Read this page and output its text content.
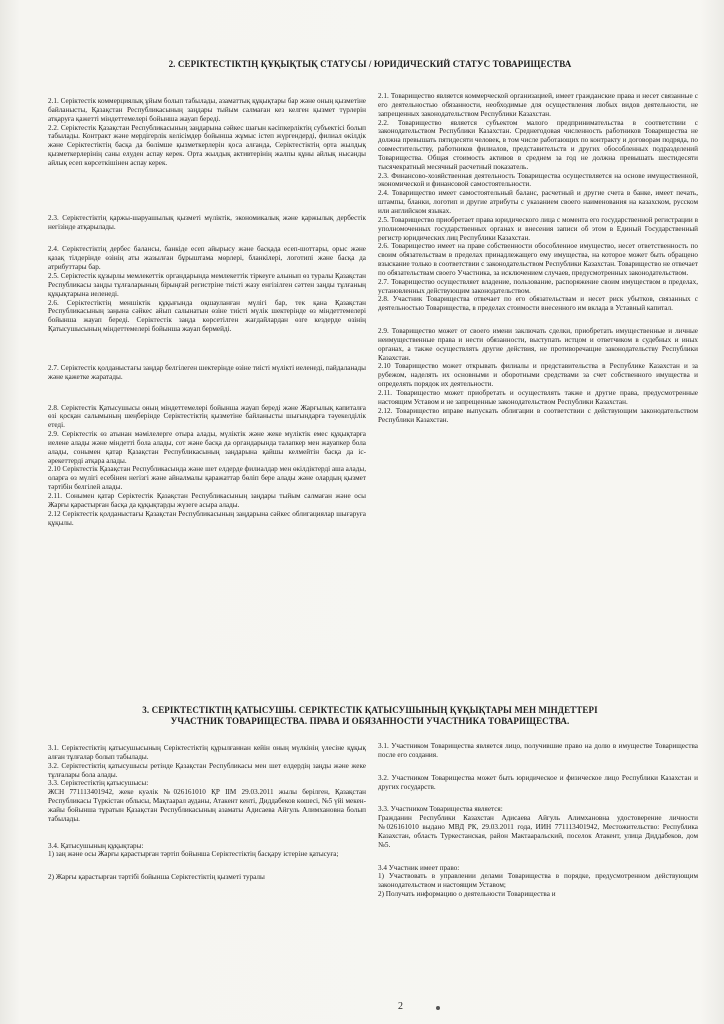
2. СЕРІКТЕСТІКТІҢ ҚҰҚЫҚТЫҚ СТАТУСЫ / ЮРИДИЧЕСКИЙ СТАТУС ТОВАРИЩЕСТВА

2.1. Серіктестік коммерциялық ұйым болып табылады, азаматтық құқықтары бар және оның қызметіне байланысты, Қазақстан Республикасының заңдары тыйым салмаған кез келген қызмет түрлерін атқаруға қажетті міндеттемелері бойынша жауап береді.

2.2. Серіктестік Қазақстан Республикасының заңдарына сәйкес шағын кәсіпкерліктің субъектісі болып табылады. Контракт және мердігерлік келісімдер бойынша жұмыс істеп жүргендерді, филиал өкілдік және Серіктестіктің басқа да бөлімше қызметкерлерін қоса алғанда, Серіктестіктің орта жылдық қызметкерлерінің саны елуден аспау керек. Орта жылдық активтерінің жалпы құны айлық нысанды айлық есеп көрсеткішінен аспау керек.

2.3. Серіктестіктің қаржы-шаруашылық қызметі мүліктік, экономикалық және қаржылық дербестік негізінде атқарылады.

2.4. Серіктестіктің дербес балансы, банкіде есеп айырысу және басқада есеп-шоттары, орыс және қазақ тілдерінде өзінің аты жазылған бұрыштама мөрлері, бланкілері, логотипі және басқа да атрибуттары бар.

2.5. Серіктестік құзырлы мемлекеттік органдарында мемлекеттік тіркеуге алынып өз туралы Қазақстан Республикасы заңды тұлғаларының бірыңғай регистріне тиісті жазу енгізілген сәттен заңды тұлғаның құқықтарына иеленеді.

2.6. Серіктестіктің меншіктік құқығында оқшауланған мүлігі бар, тек қана Қазақстан Республикасының заңына сәйкес айып салынатын өзіне тиісті мүлік шектерінде өз міндеттемелері бойынша жауап береді. Серіктестік заңда көрсетілген жағдайлардан өзге кездерде өзінің Қатысушысының міндеттемелері бойынша жауап бермейді.

2.7. Серіктестік қолданыстағы заңдар белгілеген шектерінде өзіне тиісті мүлікті иеленеді, пайдаланады және қажетке жаратады.

2.8. Серіктестік Қатысушысы оның міндеттемелері бойынша жауап береді және Жарғылық капиталға өзі қосқан салымының шеңберінде Серіктестіктің қызметіне байланысты шығындарға тәуекелділік етеді.

2.9. Серіктестік өз атынан мәмілелерге отыра алады, мүліктік және жеке мүліктік емес құқықтарға иелене алады және міндетті бола алады, сот және басқа да органдарында талапкер мен жауапкер бола алады, сонымен қатар Қазақстан Республикасының заңдарына қайшы келмейтін басқа да іс-әрекеттерді атқара алады.

2.10 Серіктестік Қазақстан Республикасында және шет елдерде филиалдар мен өкілдіктерді аша алады, оларға өз мүлігі есебінен негізгі және айналмалы қаражаттар бөліп бере алады және олардың қызмет тәртібін белгілей алады.

2.11. Сонымен қатар Серіктестік Қазақстан Республикасының заңдары тыйым салмаған және осы Жарғы қарастырған басқа да құқықтарды жүзеге асыра алады.

2.12 Серіктестік қолданыстағы Қазақстан Республикасының заңдарына сәйкес облигациялар шығаруға құқылы.

2.1. Товарищество является коммерческой организацией, имеет гражданские права и несет связанные с его деятельностью обязанности, необходимые для осуществления любых видов деятельности, не запрещенных законодательством Республики Казахстан.

2.2. Товарищество является субъектом малого предпринимательства в соответствии с законодательством Республики Казахстан. Среднегодовая численность работников Товарищества не должна превышать пятидесяти человек, в том числе работающих по контракту и договорам подряда, по совместительству, работников филиалов, представительств и других обособленных подразделений Товарищества. Общая стоимость активов в среднем за год не должна превышать шестидесяти тысячекратный месячный расчетный показатель.

2.3. Финансово-хозяйственная деятельность Товарищества осуществляется на основе имущественной, экономической и финансовой самостоятельности.

2.4. Товарищество имеет самостоятельный баланс, расчетный и другие счета в банке, имеет печать, штампы, бланки, логотип и другие атрибуты с указанием своего наименования на казахском, русском или английском языках.

2.5. Товарищество приобретает права юридического лица с момента его государственной регистрации в уполномоченных государственных органах и внесения записи об этом в Единый Государственный регистр юридических лиц Республики Казахстан.

2.6. Товарищество имеет на праве собственности обособленное имущество, несет ответственность по своим обязательствам в пределах принадлежащего ему имущества, на которое может быть обращено взыскание только в соответствии с законодательством Республики Казахстан. Товарищество не отвечает по обязательствам своего Участника, за исключением случаев, предусмотренных законодательством.

2.7. Товарищество осуществляет владение, пользование, распоряжение своим имуществом в пределах, установленных действующим законодательством.

2.8. Участник Товарищества отвечает по его обязательствам и несет риск убытков, связанных с деятельностью Товарищества, в пределах стоимости внесенного им вклада в Уставный капитал.

2.9. Товарищество может от своего имени заключать сделки, приобретать имущественные и личные неимущественные права и нести обязанности, выступать истцом и ответчиком в судебных и иных органах, а также осуществлять другие действия, не противоречащие законодательству Республики Казахстан.

2.10 Товарищество может открывать филиалы и представительства в Республике Казахстан и за рубежом, наделять их основными и оборотными средствами за счет собственного имущества и определять порядок их деятельности.

2.11. Товарищество может приобретать и осуществлять также и другие права, предусмотренные настоящим Уставом и не запрещенные законодательством Республики Казахстан.

2.12. Товарищество вправе выпускать облигации в соответствии с действующим законодательством Республики Казахстан.

3. СЕРІКТЕСТІКТІҢ ҚАТЫСУШЫ. СЕРІКТЕСТІК ҚАТЫСУШЫНЫҢ ҚҰҚЫҚТАРЫ МЕН МІНДЕТТЕРІ
УЧАСТНИК ТОВАРИЩЕСТВА. ПРАВА И ОБЯЗАННОСТИ УЧАСТНИКА ТОВАРИЩЕСТВА.

3.1. Серіктестіктің қатысушысының Серіктестіктің құрылғаннан кейін оның мүлкінің үлесіне құқық алған тұлғалар болып табылады.

3.2. Серіктестіктің қатысушысы ретінде Қазақстан Республикасы мен шет елдердің заңды және жеке тұлғалары бола алады.

3.3. Серіктестіктің қатысушысы:

ЖСН 771113401942, жеке куәлік №026161010 ҚР ІІМ 29.03.2011 жылы берілген, Қазақстан Республикасы Түркістан облысы, Мақтаарал ауданы, Атакент кенті, Диддабеков көшесі, №5 үйі мекен-жайы бойынша тұратын Қазақстан Республикасының азаматы Адисаева Айгуль Алимхановна болып табылады.

3.4. Қатысушының құқықтары:

1) заң және осы Жарғы қарастырған тәртіп бойынша Серіктестіктің басқару істеріне қатысуға;

2) Жарғы қарастырған тәртібі бойынша Серіктестіктің қызметі туралы

3.1. Участником Товарищества является лицо, получившие право на долю в имуществе Товарищества после его создания.

3.2. Участником Товарищества может быть юридическое и физическое лицо Республики Казахстан и других государств.

3.3. Участником Товарищества является:

Гражданин Республики Казахстан Адисаева Айгуль Алимхановна удостоверение личности №026161010 выдано МВД РК, 29.03.2011 года, ИИН 771113401942, Местожительство: Республика Казахстан, область Туркестанская, район Мактааральский, поселок Атакент, улица Диддабеков, дом №5.

3.4 Участник имеет право:

1) Участвовать в управлении делами Товарищества в порядке, предусмотренном действующим законодательством и настоящим Уставом;

2) Получать информацию о деятельности Товарищества и

2
